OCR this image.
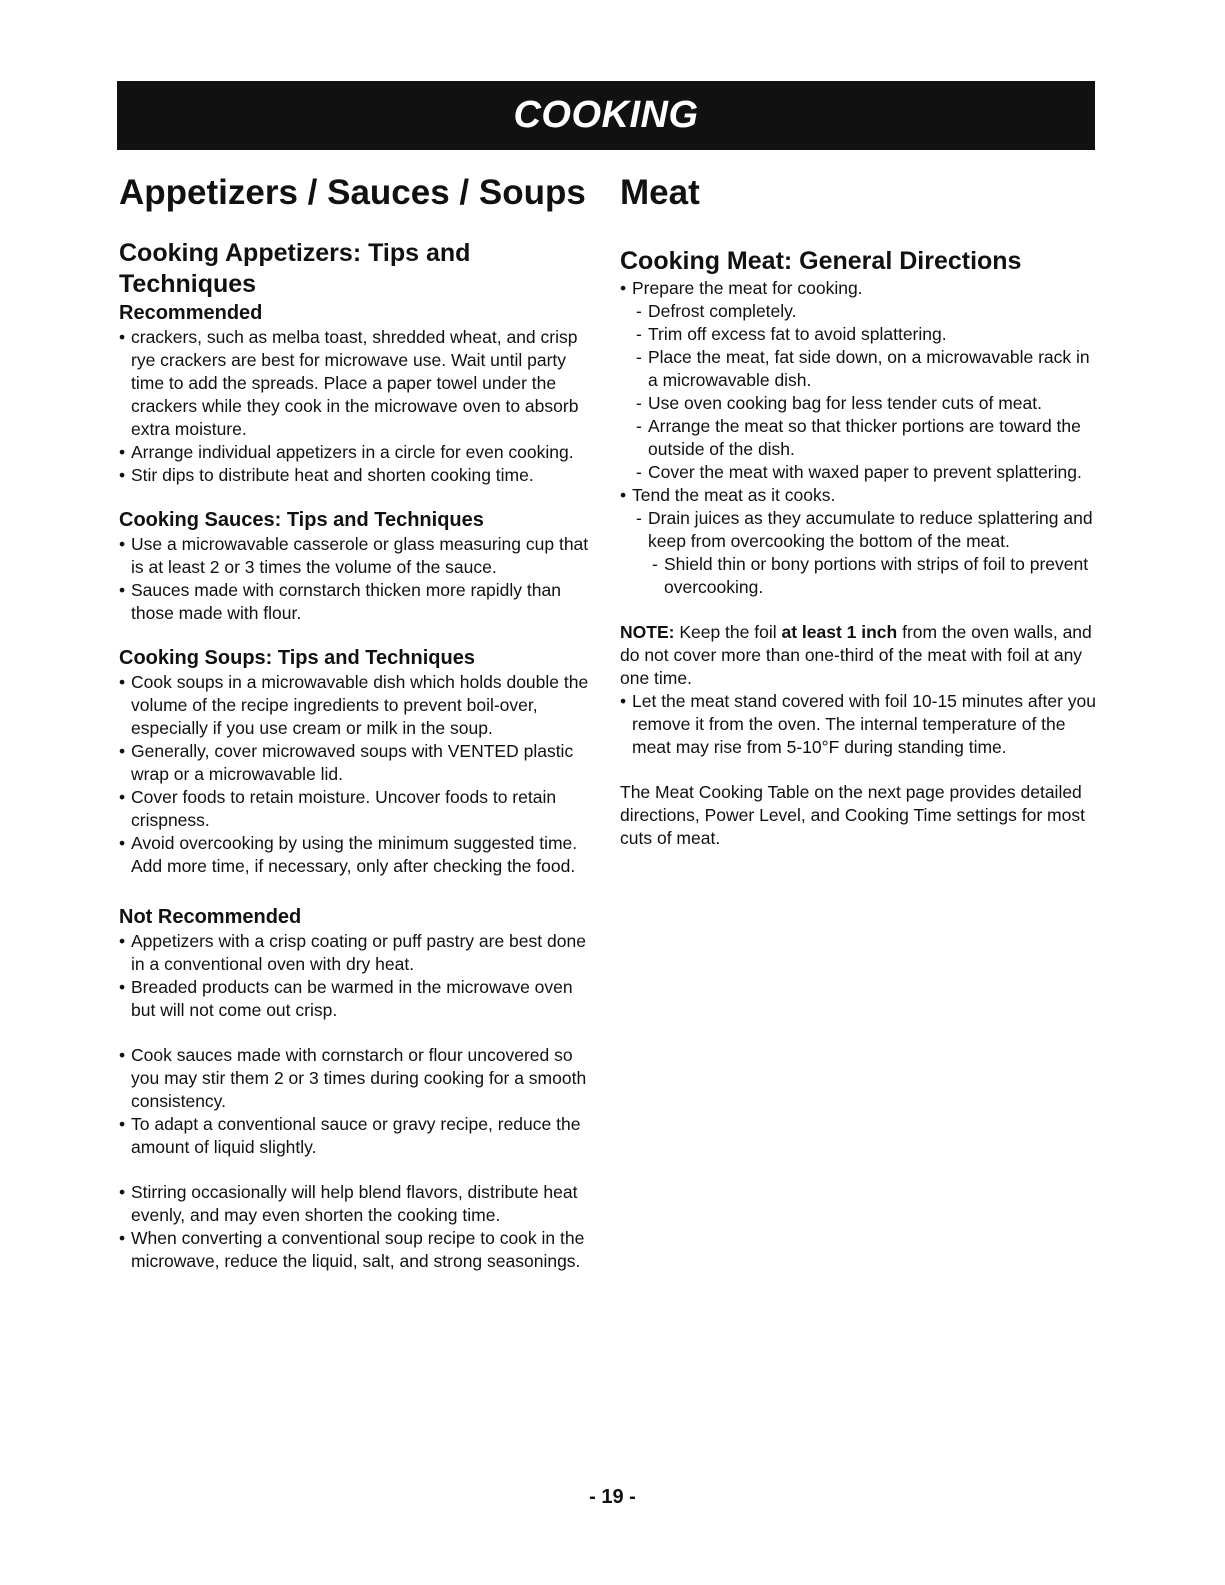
COOKING
Appetizers / Sauces / Soups
Cooking Appetizers: Tips and Techniques
Recommended
• crackers, such as melba toast, shredded wheat, and crisp rye crackers are best for microwave use. Wait until party time to add the spreads. Place a paper towel under the crackers while they cook in the microwave oven to absorb extra moisture.
• Arrange individual appetizers in a circle for even cooking.
• Stir dips to distribute heat and shorten cooking time.
Cooking Sauces: Tips and Techniques
• Use a microwavable casserole or glass measuring cup that is at least 2 or 3 times the volume of the sauce.
• Sauces made with cornstarch thicken more rapidly than those made with flour.
Cooking Soups: Tips and Techniques
• Cook soups in a microwavable dish which holds double the volume of the recipe ingredients to prevent boil-over, especially if you use cream or milk in the soup.
• Generally, cover microwaved soups with VENTED plastic wrap or a microwavable lid.
• Cover foods to retain moisture. Uncover foods to retain crispness.
• Avoid overcooking by using the minimum suggested time. Add more time, if necessary, only after checking the food.
Not Recommended
• Appetizers with a crisp coating or puff pastry are best done in a conventional oven with dry heat.
• Breaded products can be warmed in the microwave oven but will not come out crisp.
• Cook sauces made with cornstarch or flour uncovered so you may stir them 2 or 3 times during cooking for a smooth consistency.
• To adapt a conventional sauce or gravy recipe, reduce the amount of liquid slightly.
• Stirring occasionally will help blend flavors, distribute heat evenly, and may even shorten the cooking time.
• When converting a conventional soup recipe to cook in the microwave, reduce the liquid, salt, and strong seasonings.
Meat
Cooking Meat: General Directions
• Prepare the meat for cooking.
- Defrost completely.
- Trim off excess fat to avoid splattering.
- Place the meat, fat side down, on a microwavable rack in a microwavable dish.
- Use oven cooking bag for less tender cuts of meat.
- Arrange the meat so that thicker portions are toward the outside of the dish.
- Cover the meat with waxed paper to prevent splattering.
• Tend the meat as it cooks.
- Drain juices as they accumulate to reduce splattering and keep from overcooking the bottom of the meat.
- Shield thin or bony portions with strips of foil to prevent overcooking.

NOTE: Keep the foil at least 1 inch from the oven walls, and do not cover more than one-third of the meat with foil at any one time.

• Let the meat stand covered with foil 10-15 minutes after you remove it from the oven. The internal temperature of the meat may rise from 5-10°F during standing time.

The Meat Cooking Table on the next page provides detailed directions, Power Level, and Cooking Time settings for most cuts of meat.

- 19 -
